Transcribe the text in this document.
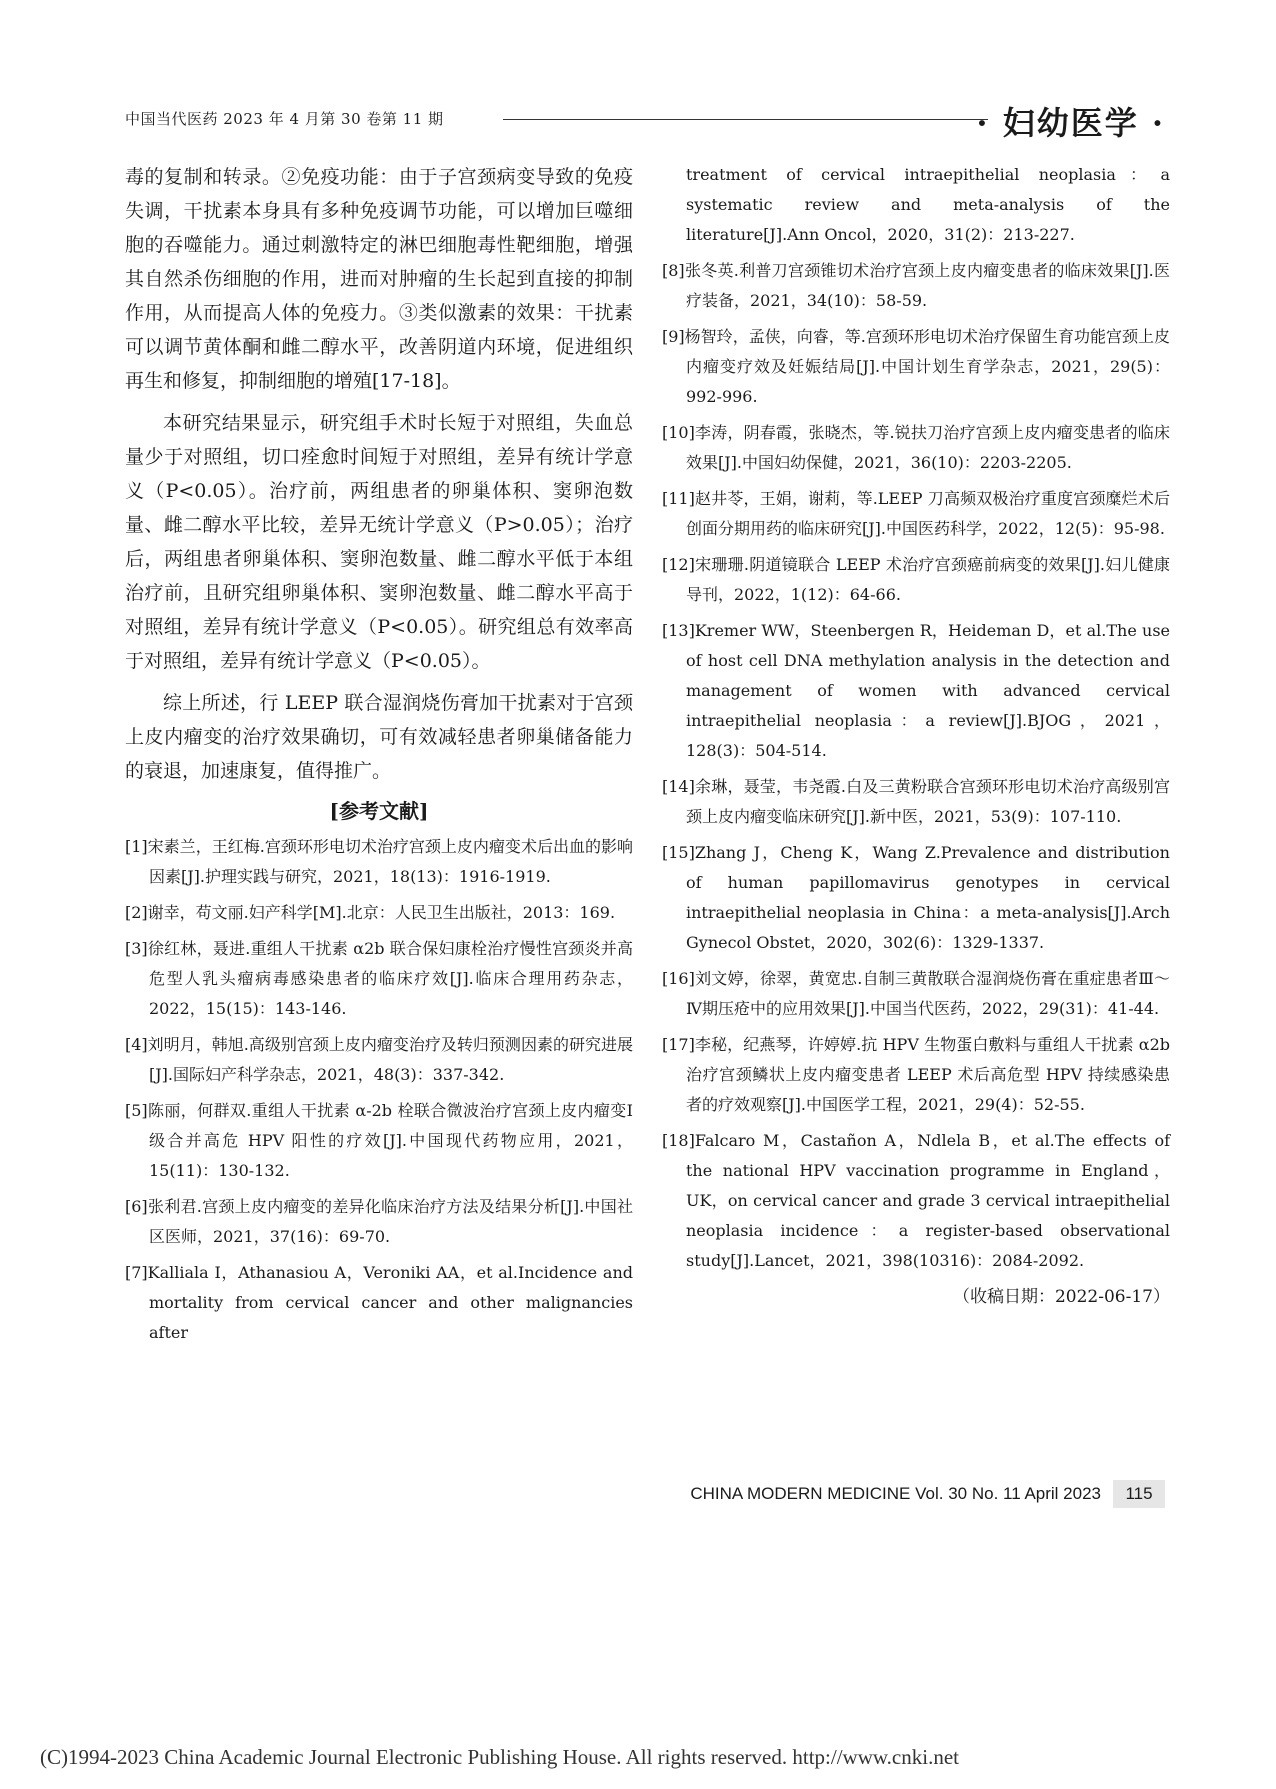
中国当代医药 2023 年 4 月第 30 卷第 11 期	· 妇幼医学 ·

毒的复制和转录。②免疫功能：由于子宫颈病变导致的免疫失调，干扰素本身具有多种免疫调节功能，可以增加巨噬细胞的吞噬能力。通过刺激特定的淋巴细胞毒性靶细胞，增强其自然杀伤细胞的作用，进而对肿瘤的生长起到直接的抑制作用，从而提高人体的免疫力。③类似激素的效果：干扰素可以调节黄体酮和雌二醇水平，改善阴道内环境，促进组织再生和修复，抑制细胞的增殖[17-18]。

本研究结果显示，研究组手术时长短于对照组，失血总量少于对照组，切口痊愈时间短于对照组，差异有统计学意义（P<0.05）。治疗前，两组患者的卵巢体积、窦卵泡数量、雌二醇水平比较，差异无统计学意义（P>0.05）；治疗后，两组患者卵巢体积、窦卵泡数量、雌二醇水平低于本组治疗前，且研究组卵巢体积、窦卵泡数量、雌二醇水平高于对照组，差异有统计学意义（P<0.05）。研究组总有效率高于对照组，差异有统计学意义（P<0.05）。

综上所述，行 LEEP 联合湿润烧伤膏加干扰素对于宫颈上皮内瘤变的治疗效果确切，可有效减轻患者卵巢储备能力的衰退，加速康复，值得推广。

[参考文献]
[1]宋素兰，王红梅.宫颈环形电切术治疗宫颈上皮内瘤变术后出血的影响因素[J].护理实践与研究，2021，18(13)：1916-1919.
[2]谢幸，苟文丽.妇产科学[M].北京：人民卫生出版社，2013：169.
[3]徐红林，聂进.重组人干扰素 α2b 联合保妇康栓治疗慢性宫颈炎并高危型人乳头瘤病毒感染患者的临床疗效[J].临床合理用药杂志，2022，15(15)：143-146.
[4]刘明月，韩旭.高级别宫颈上皮内瘤变治疗及转归预测因素的研究进展[J].国际妇产科学杂志，2021，48(3)：337-342.
[5]陈丽，何群双.重组人干扰素 α-2b 栓联合微波治疗宫颈上皮内瘤变Ⅰ级合并高危 HPV 阳性的疗效[J].中国现代药物应用，2021，15(11)：130-132.
[6]张利君.宫颈上皮内瘤变的差异化临床治疗方法及结果分析[J].中国社区医师，2021，37(16)：69-70.
[7]Kalliala I，Athanasiou A，Veroniki AA，et al.Incidence and mortality from cervical cancer and other malignancies after
treatment of cervical intraepithelial neoplasia：a systematic review and meta-analysis of the literature[J].Ann Oncol，2020，31(2)：213-227.
[8]张冬英.利普刀宫颈锥切术治疗宫颈上皮内瘤变患者的临床效果[J].医疗装备，2021，34(10)：58-59.
[9]杨智玲，孟侠，向睿，等.宫颈环形电切术治疗保留生育功能宫颈上皮内瘤变疗效及妊娠结局[J].中国计划生育学杂志，2021，29(5)：992-996.
[10]李涛，阴春霞，张晓杰，等.锐扶刀治疗宫颈上皮内瘤变患者的临床效果[J].中国妇幼保健，2021，36(10)：2203-2205.
[11]赵井苓，王娟，谢莉，等.LEEP 刀高频双极治疗重度宫颈糜烂术后创面分期用药的临床研究[J].中国医药科学，2022，12(5)：95-98.
[12]宋珊珊.阴道镜联合 LEEP 术治疗宫颈癌前病变的效果[J].妇儿健康导刊，2022，1(12)：64-66.
[13]Kremer WW，Steenbergen R，Heideman D，et al.The use of host cell DNA methylation analysis in the detection and management of women with advanced cervical intraepithelial neoplasia：a review[J].BJOG，2021，128(3)：504-514.
[14]余琳，聂莹，韦尧霞.白及三黄粉联合宫颈环形电切术治疗高级别宫颈上皮内瘤变临床研究[J].新中医，2021，53(9)：107-110.
[15]Zhang J，Cheng K，Wang Z.Prevalence and distribution of human papillomavirus genotypes in cervical intraepithelial neoplasia in China：a meta-analysis[J].Arch Gynecol Obstet，2020，302(6)：1329-1337.
[16]刘文婷，徐翠，黄宽忠.自制三黄散联合湿润烧伤膏在重症患者Ⅲ～Ⅳ期压疮中的应用效果[J].中国当代医药，2022，29(31)：41-44.
[17]李秘，纪燕琴，许婷婷.抗 HPV 生物蛋白敷料与重组人干扰素 α2b 治疗宫颈鳞状上皮内瘤变患者 LEEP 术后高危型 HPV 持续感染患者的疗效观察[J].中国医学工程，2021，29(4)：52-55.
[18]Falcaro M，Castañon A，Ndlela B，et al.The effects of the national HPV vaccination programme in England，UK，on cervical cancer and grade 3 cervical intraepithelial neoplasia incidence：a register-based observational study[J].Lancet，2021，398(10316)：2084-2092.
（收稿日期：2022-06-17）
CHINA MODERN MEDICINE Vol. 30 No. 11 April 2023	115
(C)1994-2023 China Academic Journal Electronic Publishing House. All rights reserved. http://www.cnki.net
